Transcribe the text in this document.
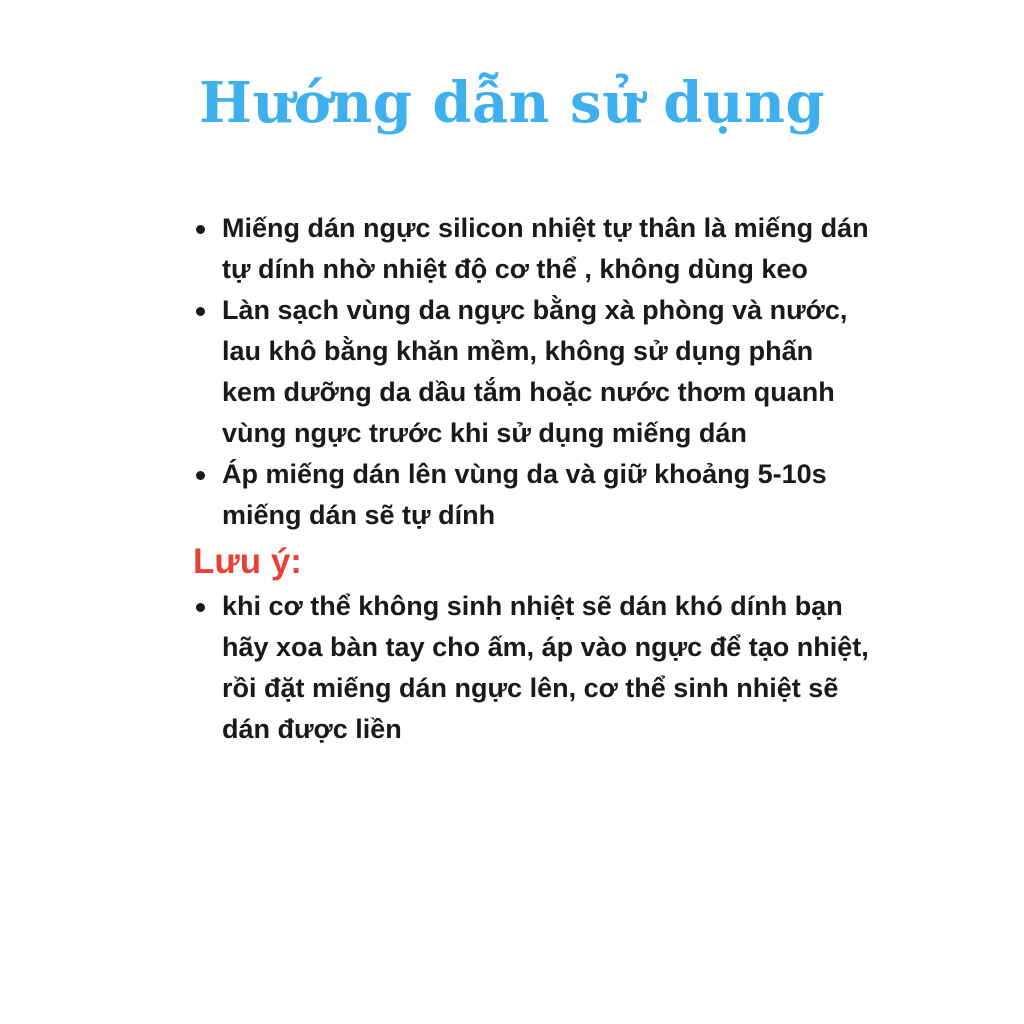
Hướng dẫn sử dụng
Miếng dán ngực silicon nhiệt tự thân là miếng dán tự dính nhờ nhiệt độ cơ thể , không dùng keo
Làn sạch vùng da ngực bằng xà phòng và nước, lau khô bằng khăn mềm, không sử dụng phấn kem dưỡng da dầu tắm hoặc nước thơm quanh vùng ngực trước khi sử dụng miếng dán
Áp miếng dán lên vùng da và giữ khoảng 5-10s miếng dán sẽ tự dính
Lưu ý:
khi cơ thể không sinh nhiệt sẽ dán khó dính bạn hãy xoa bàn tay cho ấm, áp vào ngực để tạo nhiệt, rồi đặt miếng dán ngực lên, cơ thể sinh nhiệt sẽ dán được liền
